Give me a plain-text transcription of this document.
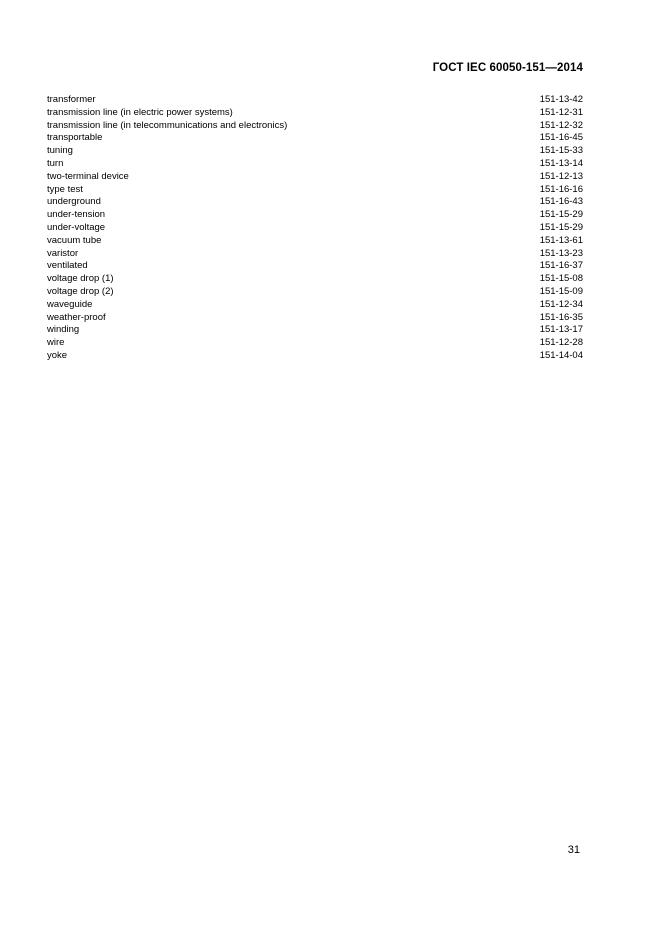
ГОСТ IEC 60050-151—2014
transformer	151-13-42
transmission line (in electric power systems)	151-12-31
transmission line (in telecommunications and electronics)	151-12-32
transportable	151-16-45
tuning	151-15-33
turn	151-13-14
two-terminal device	151-12-13
type test	151-16-16
underground	151-16-43
under-tension	151-15-29
under-voltage	151-15-29
vacuum tube	151-13-61
varistor	151-13-23
ventilated	151-16-37
voltage drop (1)	151-15-08
voltage drop (2)	151-15-09
waveguide	151-12-34
weather-proof	151-16-35
winding	151-13-17
wire	151-12-28
yoke	151-14-04
31
